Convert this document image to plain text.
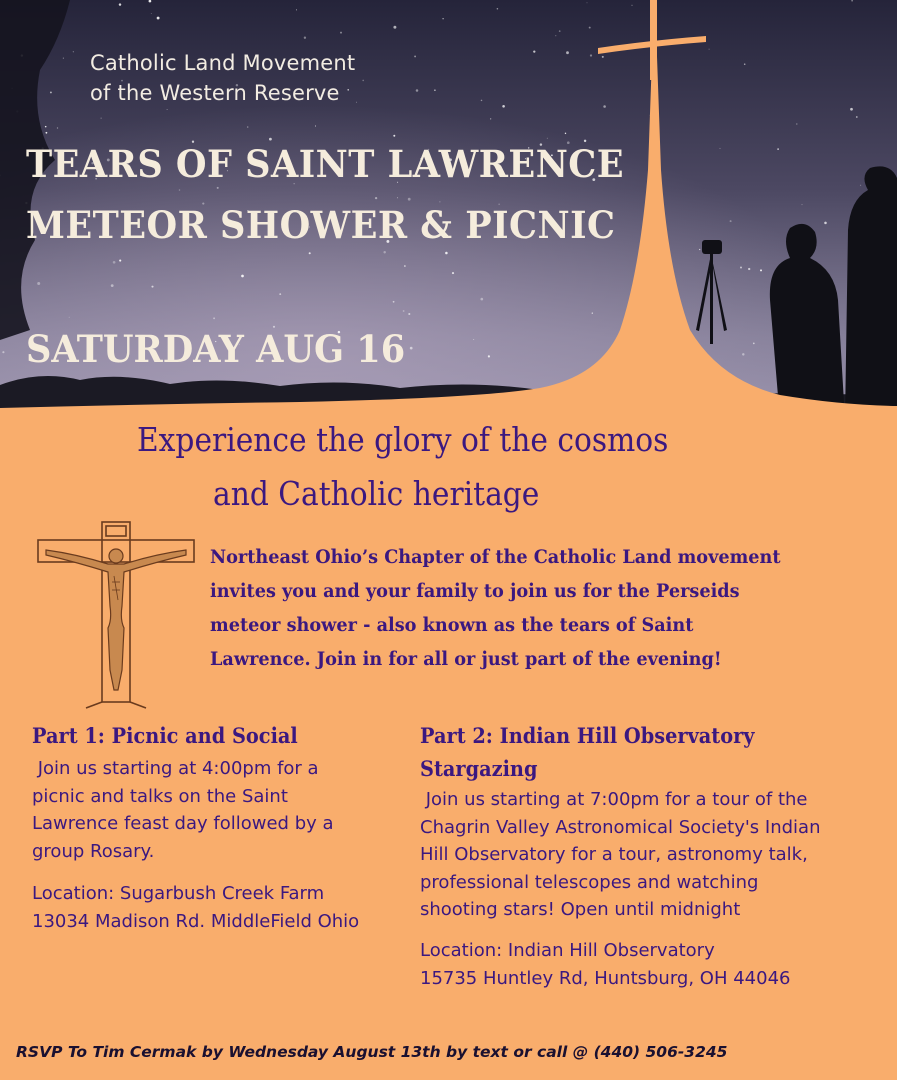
Catholic Land Movement
of the Western Reserve
TEARS OF SAINT LAWRENCE
METEOR SHOWER & PICNIC
SATURDAY AUG 16
Experience the glory of the cosmos
and Catholic heritage
Northeast Ohio’s Chapter of the Catholic Land movement
invites you and your family to join us for the Perseids
meteor shower - also known as the tears of Saint
Lawrence. Join in for all or just part of the evening!
Part 1: Picnic and Social
Join us starting at 4:00pm for a
picnic and talks on the Saint
Lawrence feast day followed by a
group Rosary.
Location: Sugarbush Creek Farm
13034 Madison Rd. MiddleField Ohio
Part 2: Indian Hill Observatory
Stargazing
Join us starting at 7:00pm for a tour of the
Chagrin Valley Astronomical Society's Indian
Hill Observatory for a tour, astronomy talk,
professional telescopes and watching
shooting stars! Open until midnight
Location: Indian Hill Observatory
15735 Huntley Rd, Huntsburg, OH 44046
RSVP To Tim Cermak by Wednesday August 13th by text or call @ (440) 506-3245
